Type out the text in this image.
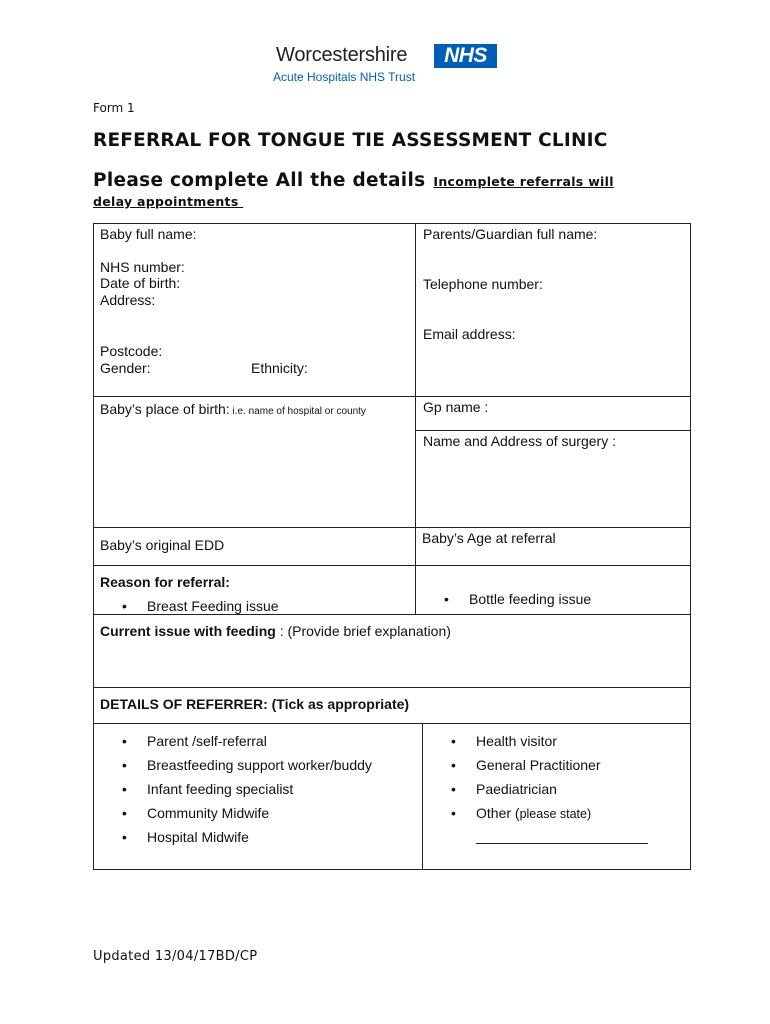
Worcestershire	NHS
Acute Hospitals NHS Trust
Form 1
REFERRAL FOR TONGUE TIE ASSESSMENT CLINIC
Please complete All the details Incomplete referrals will
delay appointments
Baby full name:
NHS number:
Date of birth:
Address:
Postcode:
Gender:	Ethnicity:
Parents/Guardian full name:
Telephone number:
Email address:
Baby’s place of birth: i.e. name of hospital or county	Gp name :
Name and Address of surgery :
Baby’s original EDD	Baby’s Age at referral
Reason for referral:
• Breast Feeding issue
•	Bottle feeding issue
Current issue with feeding : (Provide brief explanation)
DETAILS OF REFERRER: (Tick as appropriate)
• Parent /self-referral
• Breastfeeding support worker/buddy
• Infant feeding specialist
• Community Midwife
• Hospital Midwife
• Health visitor
• General Practitioner
• Paediatrician
• Other (please state)
Updated 13/04/17BD/CP
